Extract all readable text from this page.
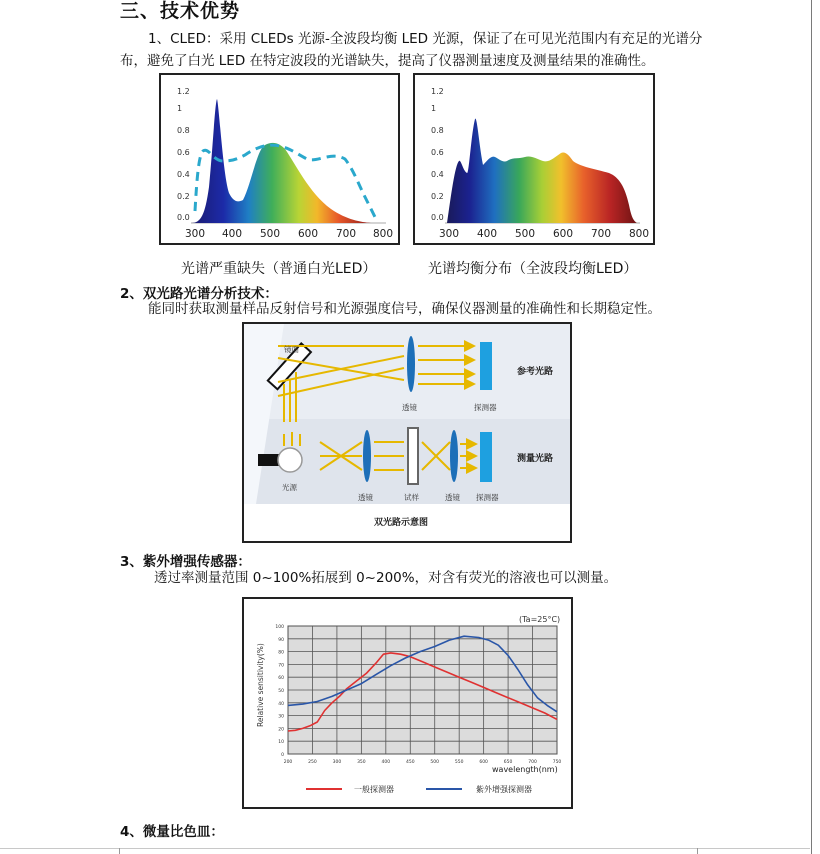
三、技术优势
1、CLED：采用 CLEDs 光源-全波段均衡 LED 光源，保证了在可见光范围内有充足的光谱分
布，避免了白光 LED 在特定波段的光谱缺失，提高了仪器测量速度及测量结果的准确性。
1.2
1
0.8
0.6
0.4
0.2
0.0
300 400 500 600 700 800
光谱严重缺失（普通白光LED）
1.2
1
0.8
0.6
0.4
0.2
0.0
300 400 500 600 700 800
光谱均衡分布（全波段均衡LED）
2、双光路光谱分析技术：
能同时获取测量样品反射信号和光源强度信号，确保仪器测量的准确性和长期稳定性。
镜面
透镜	探测器
参考光路
光源
透镜	试样	透镜 探测器
测量光路
双光路示意图
3、紫外增强传感器：
透过率测量范围 0~100%拓展到 0~200%，对含有荧光的溶液也可以测量。
(Ta=25°C)
0
10
20
30
40
50
60
70
80
90
100
200	250	300	350	400	450	500	550	600	650	700	750
Relative sensitivity(%)
wavelength(nm)
一般探测器	紫外增强探测器
4、微量比色皿：
